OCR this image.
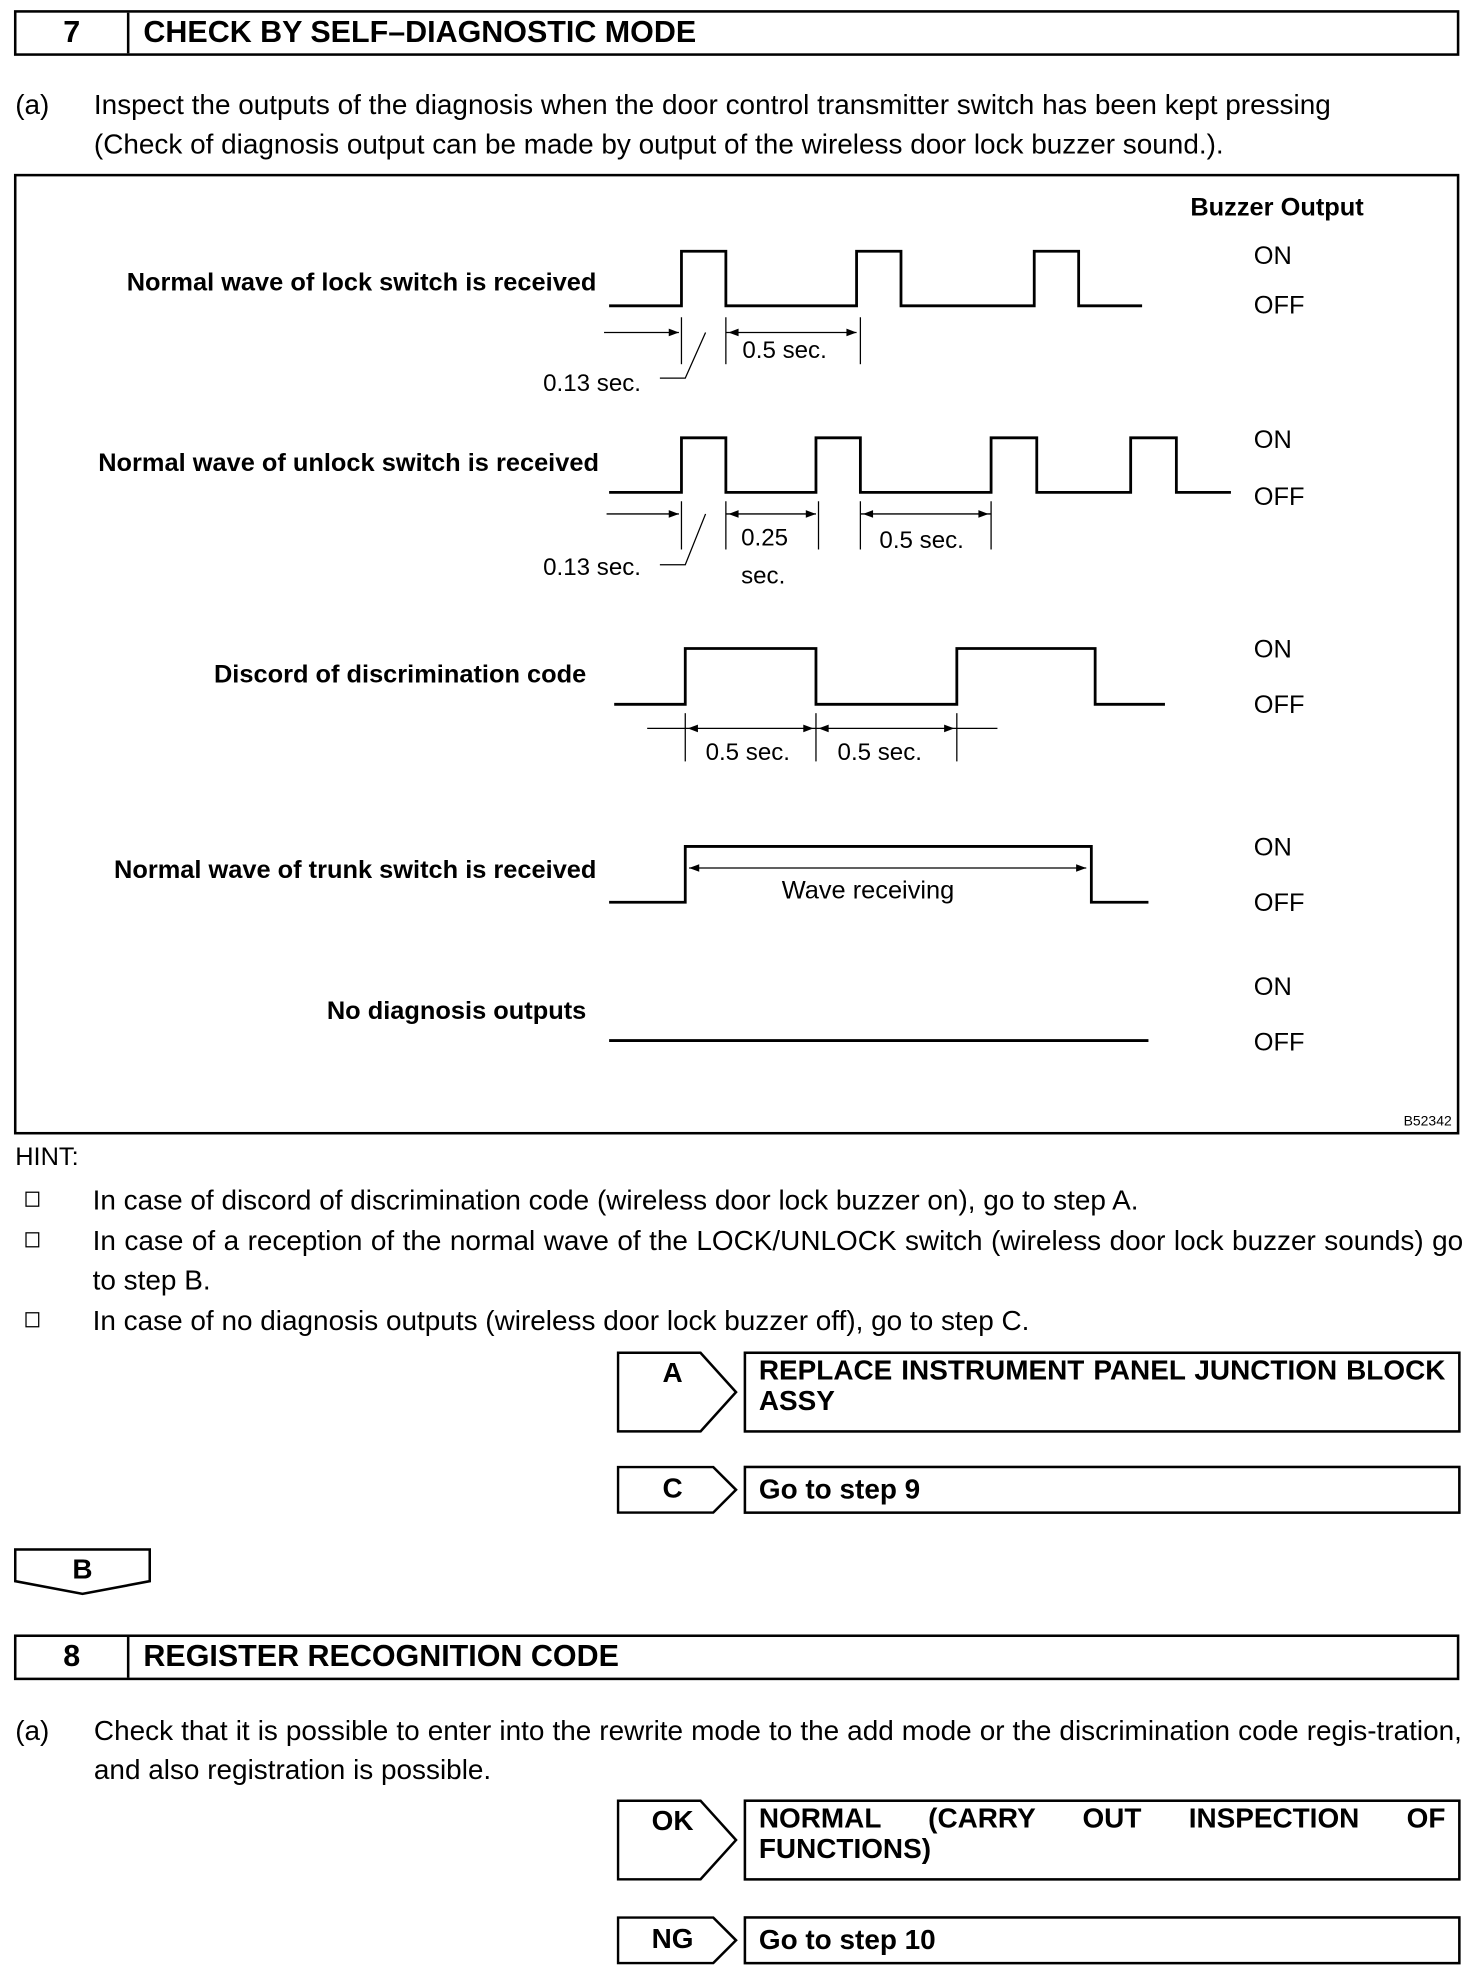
7	CHECK BY SELF–DIAGNOSTIC MODE
(a) Inspect the outputs of the diagnosis when the door control transmitter switch has been kept pressing
(Check of diagnosis output can be made by output of the wireless door lock buzzer sound.).
Buzzer Output
Normal wave of lock switch is received
ON
OFF
0.13 sec.
0.5 sec.
Normal wave of unlock switch is received
ON
OFF
0.13 sec.
0.25
sec.
0.5 sec.
Discord of discrimination code
ON
OFF
0.5 sec.	0.5 sec.
Normal wave of trunk switch is received
ON
OFF
Wave receiving
No diagnosis outputs
ON
OFF
B52342
HINT:
In case of discord of discrimination code (wireless door lock buzzer on), go to step A.
In case of a reception of the normal wave of the LOCK/UNLOCK switch (wireless door lock buzzer sounds) go to step B.
In case of no diagnosis outputs (wireless door lock buzzer off), go to step C.
A	REPLACE INSTRUMENT PANEL JUNCTION BLOCK ASSY
C	Go to step 9
B
8	REGISTER RECOGNITION CODE
(a) Check that it is possible to enter into the rewrite mode to the add mode or the discrimination code regis-tration, and also registration is possible.
OK	NORMAL (CARRY OUT INSPECTION OF FUNCTIONS)
NG	Go to step 10
